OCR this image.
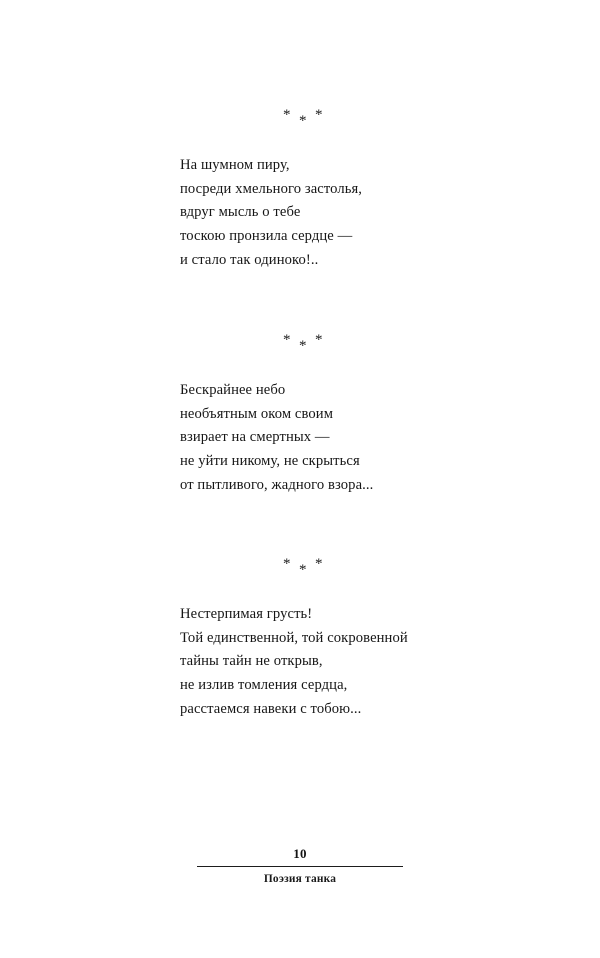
* * *
На шумном пиру,
посреди хмельного застолья,
вдруг мысль о тебе
тоскою пронзила сердце —
и стало так одиноко!..
* * *
Бескрайнее небо
необъятным оком своим
взирает на смертных —
не уйти никому, не скрыться
от пытливого, жадного взора...
* * *
Нестерпимая грусть!
Той единственной, той сокровенной
тайны тайн не открыв,
не излив томления сердца,
расстаемся навеки с тобою...
10
Поэзия танка
